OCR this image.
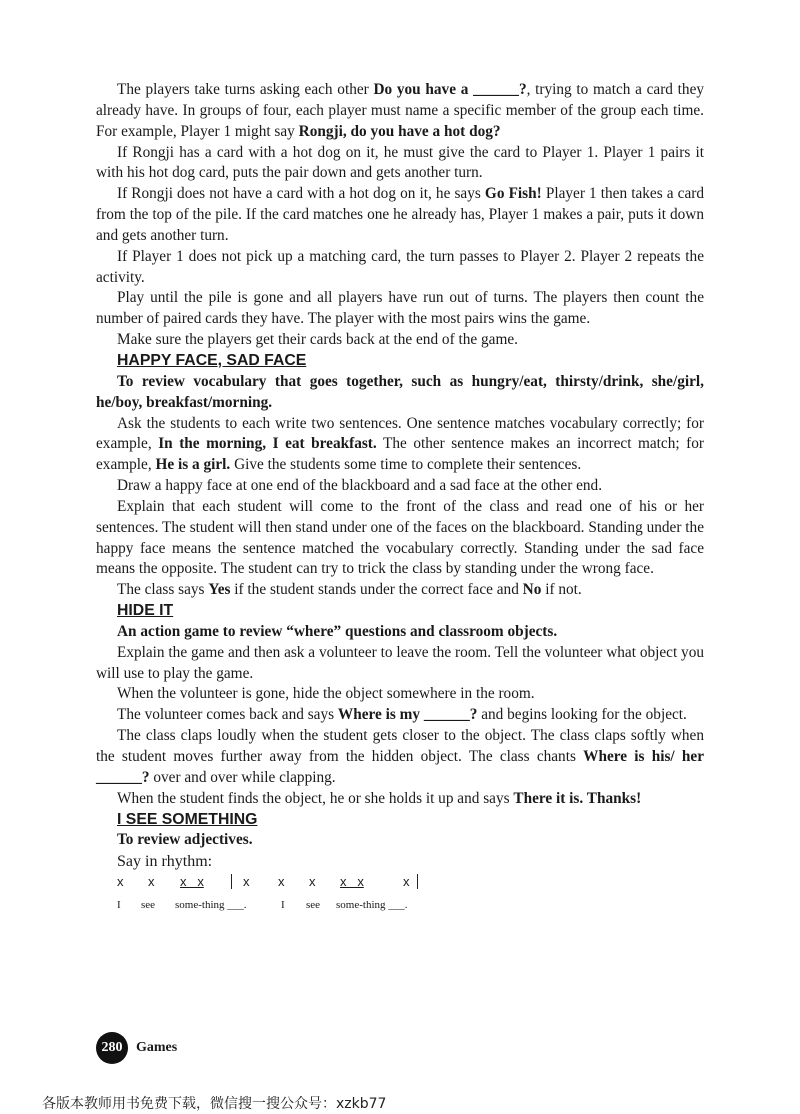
The players take turns asking each other Do you have a ______?, trying to match a card they already have. In groups of four, each player must name a specific member of the group each time. For example, Player 1 might say Rongji, do you have a hot dog?

If Rongji has a card with a hot dog on it, he must give the card to Player 1. Player 1 pairs it with his hot dog card, puts the pair down and gets another turn.

If Rongji does not have a card with a hot dog on it, he says Go Fish! Player 1 then takes a card from the top of the pile. If the card matches one he already has, Player 1 makes a pair, puts it down and gets another turn.

If Player 1 does not pick up a matching card, the turn passes to Player 2. Player 2 repeats the activity.

Play until the pile is gone and all players have run out of turns. The players then count the number of paired cards they have. The player with the most pairs wins the game.

Make sure the players get their cards back at the end of the game.

HAPPY FACE, SAD FACE

To review vocabulary that goes together, such as hungry/eat, thirsty/drink, she/girl, he/boy, breakfast/morning.

Ask the students to each write two sentences. One sentence matches vocabulary correctly; for example, In the morning, I eat breakfast. The other sentence makes an incorrect match; for example, He is a girl. Give the students some time to complete their sentences.

Draw a happy face at one end of the blackboard and a sad face at the other end.

Explain that each student will come to the front of the class and read one of his or her sentences. The student will then stand under one of the faces on the blackboard. Standing under the happy face means the sentence matched the vocabulary correctly. Standing under the sad face means the opposite. The student can try to trick the class by standing under the wrong face.

The class says Yes if the student stands under the correct face and No if not.

HIDE IT

An action game to review “where” questions and classroom objects.

Explain the game and then ask a volunteer to leave the room. Tell the volunteer what object you will use to play the game.

When the volunteer is gone, hide the object somewhere in the room.

The volunteer comes back and says Where is my ______? and begins looking for the object.

The class claps loudly when the student gets closer to the object. The class claps softly when the student moves further away from the hidden object. The class chants Where is his/ her ______? over and over while clapping.

When the student finds the object, he or she holds it up and says There it is. Thanks!

I SEE SOMETHING

To review adjectives.

Say in rhythm:

x x x   x	x x x x   x	x
I see some-thing ___.	I see some-thing ___.
280 Games
各版本教师用书免费下载，微信搜一搜公众号：xzkb77
